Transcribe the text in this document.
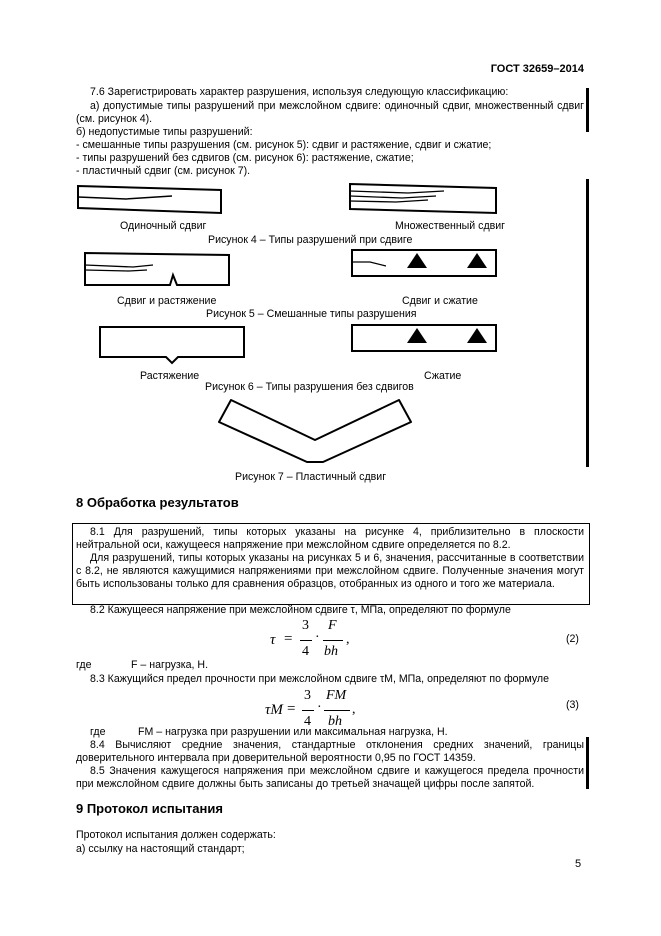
ГОСТ 32659–2014
7.6 Зарегистрировать характер разрушения, используя следующую классификацию:
а) допустимые типы разрушений при межслойном сдвиге: одиночный сдвиг, множественный сдвиг (см. рисунок 4).
б) недопустимые типы разрушений:
- смешанные типы разрушения (см. рисунок 5): сдвиг и растяжение, сдвиг и сжатие;
- типы разрушений без сдвигов (см. рисунок 6): растяжение, сжатие;
- пластичный сдвиг (см. рисунок 7).
Одиночный сдвиг	Множественный сдвиг
Рисунок 4 – Типы разрушений при сдвиге
Сдвиг и растяжение	Сдвиг и сжатие
Рисунок 5 – Смешанные типы разрушения
Растяжение	Сжатие
Рисунок 6 – Типы разрушения без сдвигов
Рисунок 7 – Пластичный сдвиг
8 Обработка результатов
8.1 Для разрушений, типы которых указаны на рисунке 4, приблизительно в плоскости нейтральной оси, кажущееся напряжение при межслойном сдвиге определяется по 8.2.
Для разрушений, типы которых указаны на рисунках 5 и 6, значения, рассчитанные в соответствии с 8.2, не являются кажущимися напряжениями при межслойном сдвиге. Полученные значения могут быть использованы только для сравнения образцов, отобранных из одного и того же материала.
8.2 Кажущееся напряжение при межслойном сдвиге τ, МПа, определяют по формуле
τ =
3
4
·
F
bh
,	(2)
где	F – нагрузка, Н.
8.3 Кажущийся предел прочности при межслойном сдвиге τM, МПа, определяют по формуле
τM =
3
4
·
FM
bh
,	(3)
где	FM – нагрузка при разрушении или максимальная нагрузка, Н.
8.4 Вычисляют средние значения, стандартные отклонения средних значений, границы доверительного интервала при доверительной вероятности 0,95 по ГОСТ 14359.
8.5 Значения кажущегося напряжения при межслойном сдвиге и кажущегося предела прочности при межслойном сдвиге должны быть записаны до третьей значащей цифры после запятой.
9 Протокол испытания
Протокол испытания должен содержать:
а) ссылку на настоящий стандарт;
5
